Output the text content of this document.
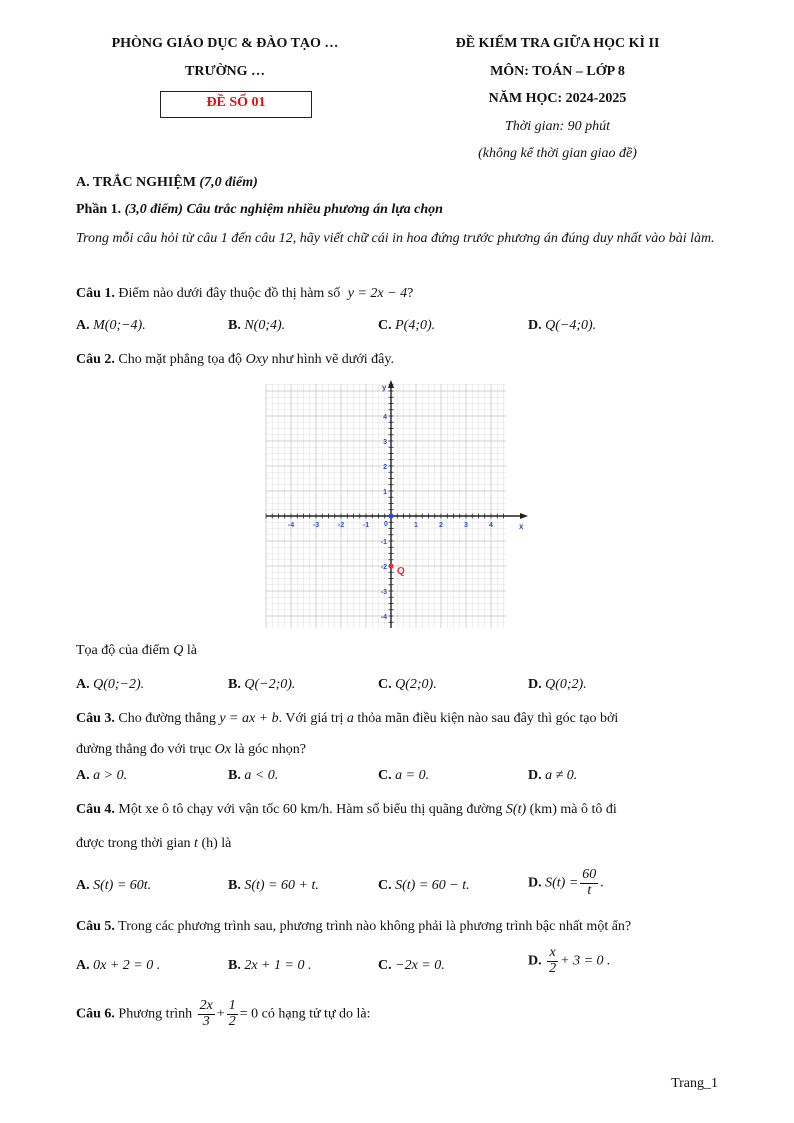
PHÒNG GIÁO DỤC & ĐÀO TẠO …
TRƯỜNG …
ĐỀ SỐ 01
ĐỀ KIỂM TRA GIỮA HỌC KÌ II
MÔN: TOÁN – LỚP 8
NĂM HỌC: 2024-2025
Thời gian: 90 phút
(không kể thời gian giao đề)
A. TRẮC NGHIỆM (7,0 điểm)
Phần 1. (3,0 điểm) Câu trắc nghiệm nhiều phương án lựa chọn
Trong mỗi câu hỏi từ câu 1 đến câu 12, hãy viết chữ cái in hoa đứng trước phương án đúng duy nhất vào bài làm.
Câu 1. Điểm nào dưới đây thuộc đồ thị hàm số y = 2x − 4?
A. M(0;−4).	B. N(0;4).	C. P(4;0).	D. Q(−4;0).
Câu 2. Cho mặt phẳng tọa độ Oxy như hình vẽ dưới đây.
-4	-3	-2	-1	1	2	3	4
4
3
2
1
-1
-2
-3
-4
x
y
0
Q
Tọa độ của điểm Q là
A. Q(0;−2).	B. Q(−2;0).	C. Q(2;0).	D. Q(0;2).
Câu 3. Cho đường thẳng y = ax + b. Với giá trị a thỏa mãn điều kiện nào sau đây thì góc tạo bởi
đường thẳng đo với trục Ox là góc nhọn?
A. a > 0.	B. a < 0.	C. a = 0.	D. a ≠ 0.
Câu 4. Một xe ô tô chạy với vận tốc 60 km/h. Hàm số biểu thị quãng đường S(t) (km) mà ô tô đi
được trong thời gian t (h) là
A. S(t) = 60t.	B. S(t) = 60 + t.	C. S(t) = 60 − t.	D. $S(t) = \frac{60}{t}$ .
Câu 5. Trong các phương trình sau, phương trình nào không phải là phương trình bậc nhất một ẩn?
A. 0x + 2 = 0 .	B. 2x + 1 = 0 .	C. −2x = 0.	D. $\frac{x}{2} + 3 = 0$ .
Câu 6. Phương trình $\frac{2x}{3} + \frac{1}{2} = 0$ có hạng tử tự do là:
Trang_1
